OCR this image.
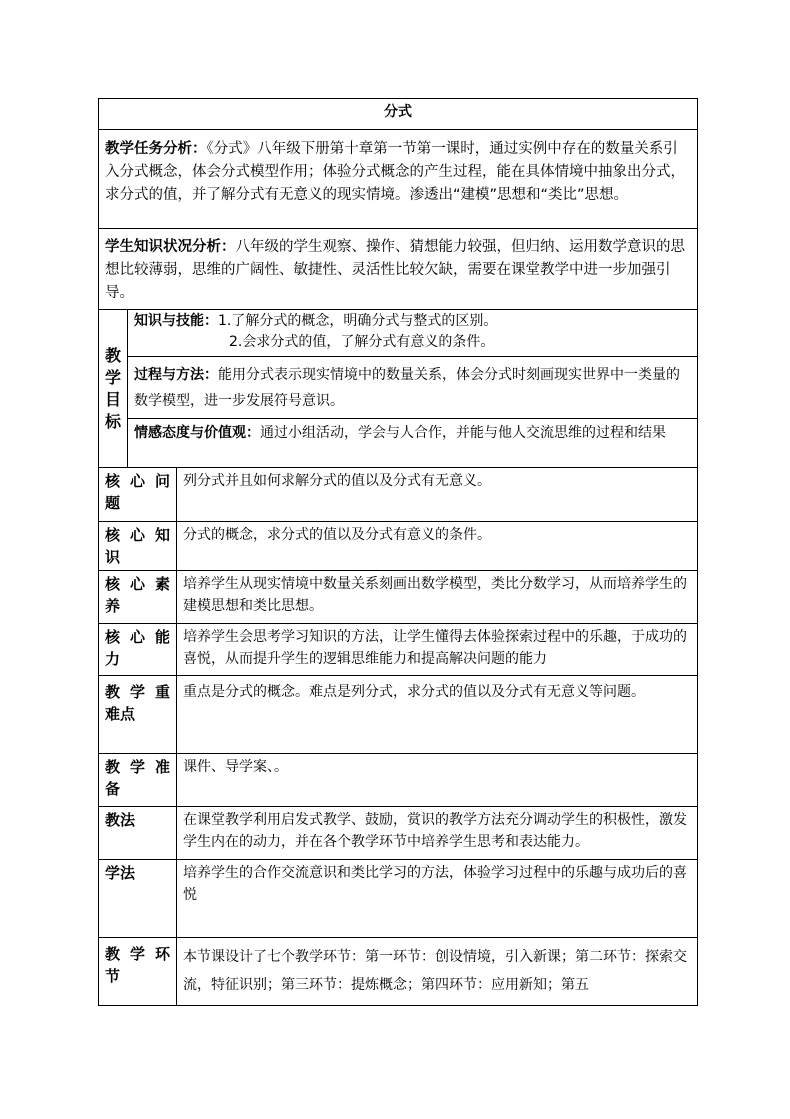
分式		
教学任务分析：《分式》八年级下册第十章第一节第一课时，通过实例中存在的数量关系引入分式概念，体会分式模型作用；体验分式概念的产生过程，能在具体情境中抽象出分式，求分式的值，并了解分式有无意义的现实情境。渗透出“建模”思想和“类比”思想。		
学生知识状况分析：八年级的学生观察、操作、猜想能力较强，但归纳、运用数学意识的思想比较薄弱，思维的广阔性、敏捷性、灵活性比较欠缺，需要在课堂教学中进一步加强引导。		

教
学
目
标	知识与技能：1.了解分式的概念，明确分式与整式的区别。
2.会求分式的值，了解分式有意义的条件。	

	过程与方法：能用分式表示现实情境中的数量关系，体会分式时刻画现实世界中一类量的数学模型，进一步发展符号意识。	
	情感态度与价值观：通过小组活动，学会与人合作，并能与他人交流思维的过程和结果	

核 心 问
题		列分式并且如何求解分式的值以及分式有无意义。

核 心 知
识		分式的概念，求分式的值以及分式有意义的条件。

核 心 素
养		培养学生从现实情境中数量关系刻画出数学模型，类比分数学习，从而培养学生的建模思想和类比思想。

核 心 能
力		培养学生会思考学习知识的方法，让学生懂得去体验探索过程中的乐趣，于成功的喜悦，从而提升学生的逻辑思维能力和提高解决问题的能力

教 学 重
难点		重点是分式的概念。难点是列分式，求分式的值以及分式有无意义等问题。

教 学 准
备		课件、导学案、。

教法		在课堂教学利用启发式教学、鼓励，赏识的教学方法充分调动学生的积极性，激发学生内在的动力，并在各个教学环节中培养学生思考和表达能力。

学法		培养学生的合作交流意识和类比学习的方法，体验学习过程中的乐趣与成功后的喜悦

教 学 环
节		本节课设计了七个教学环节：第一环节：创设情境，引入新课；第二环节：探索交流，特征识别；第三环节：提炼概念；第四环节：应用新知；第五
